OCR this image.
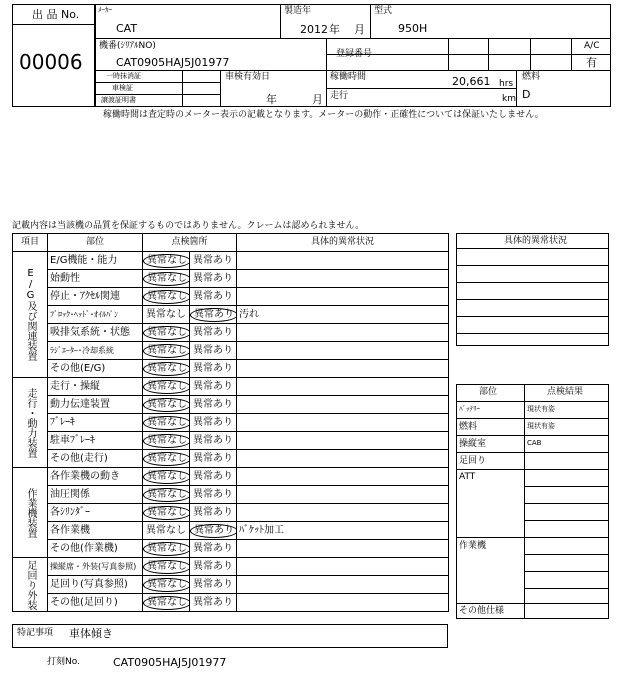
出 品 No.
00006
ﾒｰｶｰ
CAT
製造年
2012 年 月
型式
950H
機番(ｼﾘｱﾙNO)
CAT0905HAJ5J01977
登録番号
A/C
有
一時抹消証
車検証
譲渡証明書
車検有効日
年	月
稼働時間	20,661 hrs
走行	km
燃料
D
稼働時間は査定時のメーター表示の記載となります。メーターの動作・正確性については保証いたしません。
記載内容は当該機の品質を保証するものではありません。クレームは認められません。
項目	部位	点検箇所		具体的異常状況
E/G及び関連装置	E/G機能・能力	異常なし	異常あり	
	始動性	異常なし	異常あり	
	停止・ｱｸｾﾙ関連	異常なし	異常あり	
	ﾌﾞﾛｯｸ･ﾍｯﾄﾞ･ｵｲﾙﾊﾟﾝ	異常なし	異常あり	汚れ
	吸排気系統・状態	異常なし	異常あり	
	ﾗｼﾞｴｰﾀｰ･冷却系統	異常なし	異常あり	
	その他(E/G)	異常なし	異常あり	
走行・動力装置	走行・操縦	異常なし	異常あり	
	動力伝達装置	異常なし	異常あり	
	ﾌﾞﾚｰｷ	異常なし	異常あり	
	駐車ﾌﾞﾚｰｷ	異常なし	異常あり	
	その他(走行)	異常なし	異常あり	
作業機装置	各作業機の動き	異常なし	異常あり	
	油圧関係	異常なし	異常あり	
	各ｼﾘﾝﾀﾞｰ	異常なし	異常あり	
	各作業機	異常なし	異常あり	ﾊﾞｹｯﾄ加工
	その他(作業機)	異常なし	異常あり	
足回り外装	操縦席・外装(写真参照)	異常なし	異常あり	
	足回り(写真参照)	異常なし	異常あり	
	その他(足回り)	異常なし	異常あり	
具体的異常状況
部位	点検結果
ﾊﾞｯﾃﾘｰ	現状有姿
燃料	現状有姿
操縦室	CAB
足回り
ATT
作業機
その他仕様
特記事項 車体傾き
打刻No.	CAT0905HAJ5J01977
